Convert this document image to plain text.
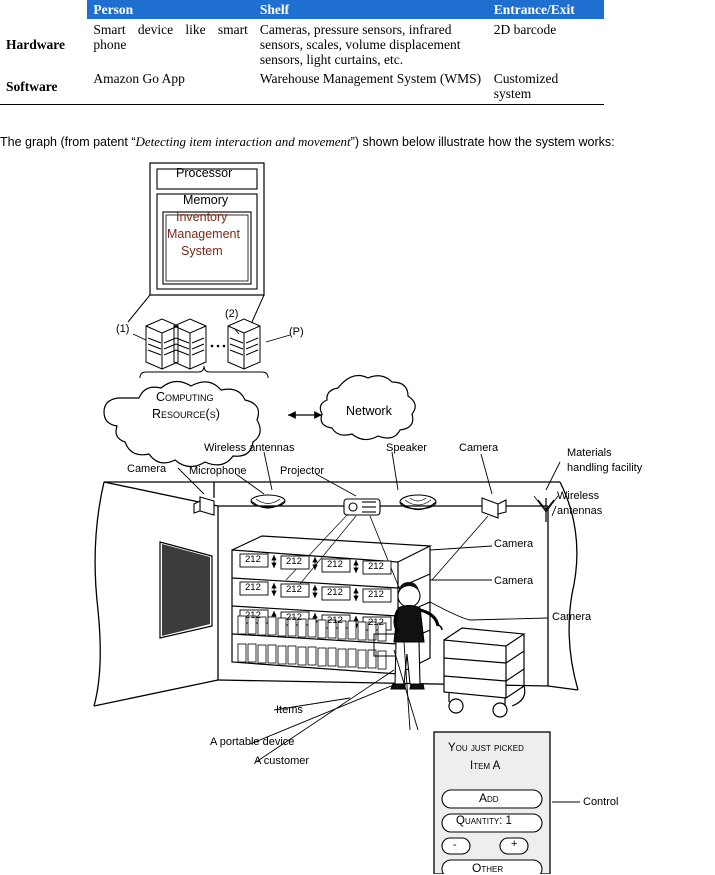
	Person	Shelf	Entrance/Exit
Hardware	Smart device like smart phone	Cameras, pressure sensors, infrared sensors, scales, volume displacement sensors, light curtains, etc.	2D barcode
Software	Amazon Go App	Warehouse Management System (WMS)	Customized system
The graph (from patent “Detecting item interaction and movement”) shown below illustrate how the system works:
Processor
Memory
Inventory
Management
System
(1)
(2)
(P)
Computing
Resource(s)	Network
Wireless antennas	Speaker	Camera	Materials
handling facility
Camera Microphone	Projector
Wireless
antennas
Camera
Camera
Camera
Items
A portable device
A customer
Control
212	212	212	212
212	212	212	212
212	212	212	212
You just picked
Item A
Add
Quantity: 1
-	+
Other
